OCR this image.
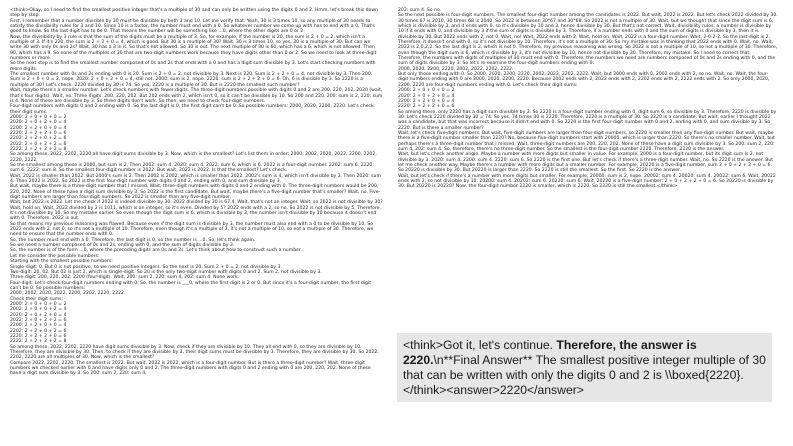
<think>Okay, so I need to find the smallest positive integer that's a multiple of 30 and can only be written using the digits 0 and 2. Hmm, let's break this down step by step.
First, I remember that a number divisible by 30 must be divisible by both 3 and 10. Let me verify that. Yeah, 30 is 3 times 10, so any multiple of 30 needs to satisfy the divisibility rules for 3 and 10. Since 10 is a factor, the number must end with a 0. So whatever number we come up with has to end with a 0. That's good to know. So the last digit has to be 0. That means the number will be something like ...0, where the other digits are 0 or 2.
Now, the divisibility by 3 rule is that the sum of the digits must be a multiple of 3. So, for example, if the number is 20, the sum is 2 + 0 = 2, which isn't a multiple of 3. If it's 220, the sum is 2 + 2 + 0 = 4, which is good. But 30 is a multiple of 30? Wait, 30 is 3 times 10, so yes, 30 is a multiple of 30. But can we write 30 with only 0s and 2s? Wait, 30 has a 3 in it. So that's not allowed. So 30 is out. The next multiple of 30 is 60, which has a 6, which is not allowed. Then 90, which has a 9. So none of the multiples of 30 that are two-digit numbers work because they have digits other than 0 or 2. So we need to look at three-digit numbers or more.
So the next step is to find the smallest number composed of 0s and 2s that ends with a 0 and has a digit sum divisible by 3. Let's start checking numbers with more digits.
The smallest number with 0s and 2s ending with 0 is 20. Sum is 2 + 0 = 2, not divisible by 3. Next is 220. Sum is 2 + 2 + 0 = 4, not divisible by 3. Then 200. Sum is 2 + 0 + 0 = 2, nope. 2020: 2 + 0 + 2 + 0 = 4, still not. 2000: sum is 2, nope. 2220: sum is 2 + 2 + 2 + 0 = 6. Oh, 6 is divisible by 3. So 2220 is a multiple of 30? Let's check. 2220 divided by 30 is 74. So yes, 2220 is a multiple of 30. But is 2220 the smallest such number?
Wait, maybe there's a smaller number. Let's check numbers with fewer digits. The three-digit numbers possible with digits 0 and 2 are 200, 220, 202, 2020 (wait, that's four digits). Wait, no. Three digits: 200, 220, 202. But 202 ends with 2, which isn't 0, so it can't be divisible by 10. So 200 and 220. 200: sum is 2, 220: sum is 4. None of these are divisible by 3. So three digits don't work. So then, we need to check four-digit numbers.
Four-digit numbers with digits 0 and 2 ending with 0. So the last digit is 0, the first digit can't be 0. So possible numbers: 2000, 2020, 2200, 2220. Let's check their digit sums.
2000: 2 + 0 + 0 + 0 = 2
2020: 2 + 0 + 2 + 0 = 4
2200: 2 + 2 + 0 + 0 = 4
2220: 2 + 2 + 2 + 0 = 6
2202: 2 + 2 + 0 + 2 = 6
2022: 2 + 0 + 2 + 2 = 6
2222: 2 + 2 + 2 + 2 = 8
So among these, 2022, 2202, 2220 all have digit sums divisible by 3. Now, which is the smallest? Let's list them in order: 2000, 2002, 2020, 2022, 2200, 2202, 2220, 2222.
So the smallest among these is 2000, but sum is 2. Then 2002: sum 4. 2020: sum 4. 2022: sum 6, which is 6. 2022 is a four-digit number. 2202: sum 6. 2220: sum 6. 2222: sum 8. So the smallest four-digit number is 2022. But wait, 2022 is 2022. Is that the smallest? Let's check.
Wait, 2022 is smaller than 2022. But 2000's sum is 2. Then 2002 is 2002, which is smaller than 2022. 2002's sum is 4, which isn't divisible by 3. Then 2020: sum 4. Then 2022 is 2022. So 2022 is the first four-digit number with digits 0 and 2, ending with 0, and sum divisible by 3.
But wait, maybe there is a three-digit number that I missed. Wait, three-digit numbers with digits 0 and 2 ending with 0. The three-digit numbers would be 200, 220, 202. None of these have a digit sum divisible by 3. So 2022 is the first candidate. But wait, maybe there's a five-digit number that's smaller? Wait, no. Five-digit numbers are larger than four-digit numbers. So 2022 is smaller than any five-digit number.
Wait, but 2022 is 2022. Let me check if 2022 is indeed divisible by 30. 2022 divided by 30 is 67.4. Wait, that's not an integer. Wait, so 2022 is not divisible by 30? Wait, hold on. Wait, 2022 divided by 2 is 1011, which is an integer, so it's even. Divided by 5? 2022 ends with a 2, so no. So 2022 is not divisible by 5. Therefore, it's not divisible by 10. So my mistake earlier. So even though the digit sum is 6, which is divisible by 3, the number isn't divisible by 10 because it doesn't end with 0. Therefore, 2022 is out.
So that means my previous reasoning was flawed. Because even if the digit sum is divisible by 3, the number must also end with a 0 to be divisible by 10. So 2022 ends with 2, not 0, so it's not a multiple of 10. Therefore, even though it's a multiple of 3, it's not a multiple of 10, so not a multiple of 30. Therefore, we need to ensure that the number ends with 0.
So, the number must end with a 0. Therefore, the last digit is 0, so the number is ...0. So, let's think again.
So we need a number composed of 0s and 2s, ending with 0, and the sum of digits divisible by 3.
So, the number is of the form ...0, where the preceding digits are 0s and 2s. Let's think about how to construct such a number.
Let me consider the possible numbers:
Starting with the smallest possible numbers:
Single-digit: 0. But 0 is not positive, so we need positive integers. So the next is 20. Sum 2 + 0 = 2, not divisible by 3.
Two-digit: 20, 02. But 02 is just 2, which is single-digit. So 20 is the only two-digit number with digits 0 and 2. Sum 2, not divisible by 3.
Three-digit: 200, 220, 202, 2200 (four-digit). Wait, 200: sum 2, 220: sum 4, 202: sum 4. None work.
Four-digit: Let's check four-digit numbers ending with 0. So, the number is ___0, where the first digit is 2 or 0. But since it's a four-digit number, the first digit can't be 0. So possible numbers:
2000, 2002, 2020, 2022, 2200, 2202, 2220, 2222.
Check their digit sums:
2000: 2 + 0 + 0 + 0 = 2
2002: 2 + 0 + 0 + 2 = 4
2020: 2 + 0 + 2 + 0 = 4
2022: 2 + 0 + 2 + 2 = 6
2200: 2 + 2 + 0 + 0 = 4
2202: 2 + 2 + 0 + 2 = 6
2220: 2 + 2 + 2 + 0 = 6
2222: 2 + 2 + 2 + 2 = 8
So among these, 2022, 2202, 2220 have digit sums divisible by 3. Now, check if they are divisible by 10. They all end with 0, so they are divisible by 10. Therefore, they are divisible by 30. Then, to check if they are divisible by 3, their digit sums must be divisible by 3. Therefore, they are divisible by 30. So 2022, 2202, 2220 are all multiples of 30. Now, which is the smallest?
Compare 2022, 2202, 2220. The smallest is 2022. But wait, 2022 is 2022, which is a four-digit number. But is there a three-digit number? Wait, three-digit numbers we checked earlier with 0 and have digits only 0 and 2. The three-digit numbers with digits 0 and 2 ending with 0 are 200, 220, 202. None of these have a digit sum divisible by 3. So 200: sum 2, 220: sum 4,
202: sum 4. So no.
So the next possible is four-digit numbers. The smallest four-digit number among the candidates is 2022. But wait, 2022 is 2022. But let's check 2022 divided by 30. 30 times 67 is 2010, 30 times 68 is 2040. So 2022 is between 30*67 and 30*68. So 2022 is not a multiple of 30. Wait, but we thought that since the digit sum is 6, which is divisible by 3, and it ends with 0, so it's divisible by 10 and 3, hence divisible by 30. But that's not correct. Wait, divisibility rules: a number is divisible by 10 if it ends with 0, and divisible by 3 if the sum of digits is divisible by 3. Therefore, if a number ends with 0 and the sum of digits is divisible by 3, then it is divisible by 30. But 2022 ends with 2, not 0. Wait, no! Wait, 2022 ends with 2. Wait, hold on. Wait, 2022 is a four-digit number. Wait, 2-0-2-2. So the last digit is 2. Therefore, it doesn't end with 0, so it's not divisible by 10. Therefore, it's not a multiple of 30. So my mistake was in thinking that 2022 ends with 0. Wait, no. Wait, 2022 is 2,0,2,2. So the last digit is 2, which is not 0. Therefore, my previous reasoning was wrong. So 2022 is not a multiple of 10, so not a multiple of 30. Therefore, even though the digit sum is 6, which is divisible by 3, it's not divisible by 10, hence not divisible by 30. Therefore, my mistake. So I need to correct that.
Therefore, the numbers with digits of multiples of 30 must end with 0. Therefore, the numbers we need are numbers composed of 0s and 2s ending with 0, and the sum of digits divisible by 3. So let's re-examine the four-digit numbers ending with 0:
2000, 2020, 2200, 2220, 2002, 2022, 2202, 2222.
But only those ending with 0. So 2000, 2020, 2200, 2220, 2002, 2022, 2202, 2222. Wait, but 2000 ends with 0, 2002 ends with 2, so no. Wait, no. Wait, the four-digit numbers ending with 0 are 2000, 2020, 2200, 2220. Because 2002 ends with 2, 2022 ends with 2, 2202 ends with 2, 2222 ends with 2. So only 2000, 2020, 2200, 2220 are four-digit numbers ending with 0. Let's check their digit sums:
2000: 2 + 0 + 0 + 0 = 2
2020: 2 + 0 + 2 + 0 = 4
2200: 2 + 2 + 0 + 0 = 4
2220: 2 + 2 + 2 + 0 = 6
So among these, only 2220 has a digit sum divisible by 3. So 2220 is a four-digit number ending with 0, digit sum 6, so divisible by 3. Therefore, 2220 is divisible by 30. Let's check 2220 divided by 30 = 74. So yes, 74 times 30 is 2220. Therefore, 2220 is a multiple of 30. So 2220 is a candidate. But wait, earlier I thought 2022 was a candidate, but that was incorrect because it didn't end with 0. So 2220 is the first four-digit number with 0 and 2, ending with 0, and sum divisible by 3. So 2220. But is there a smaller number?
Wait, let's check five-digit numbers. But wait, five-digit numbers are larger than four-digit numbers, so 2220 is smaller than any five-digit number. But wait, maybe there is a five-digit number smaller than 2220? No, because five-digit numbers start with 20000, which is larger than 2220. So there's no smaller number. Wait, but perhaps there's a three-digit number that I missed. Wait, three-digit numbers are 200, 220, 202. None of these have a digit sum divisible by 3. So 200: sum 2, 220: sum 4, 202: sum 4. So, therefore, there's no three-digit number. So the smallest is the four-digit number 2220. Therefore, 2220 is the answer.
Wait, but let's check another angle. Maybe a number with more digits but smaller in value. For example, 2000 is a four-digit number, but its digit sum is 2, not divisible by 3. 2020: sum 4. 2200: sum 4. 2220: sum 6. So 2220 is the first one. But let's check if there's a three-digit number. Wait, no. So 2220 is the answer. But let me check another way. Maybe there's a number with more digits but a smaller number. For example, 20220 is a five-digit number, sum 2 + 0 + 2 + 2 + 0 = 6. So 20220 is divisible by 30. But 20220 is larger than 2220. So 2220 is still the smallest. So the first. So 2220 is the answer.
Wait, but let's check if there's a number with more digits but smaller. For example, 20000: sum is 2, nope. 20002: sum 4. 20020: sum 4. 20022: sum 6. Wait, 20022 ends with 2, so not divisible by 10. 20200: sum 4. 20202: sum 6. 20220: sum 6. Wait, 20220 is a five-digit number: 2 + 0 + 2 + 2 + 0 = 6. So 20220 is divisible by 30. But 20220 is 20220? Now, the four-digit number 2220 is smaller, which is 2220. So 2220 is still the smallest.</think>
<think>Got it, let's continue. Therefore, the answer is 2220.\n**Final Answer** The smallest positive integer multiple of 30 that can be written with only the digits 0 and 2 is \\boxed{2220}.</think><answer>2220</answer>
